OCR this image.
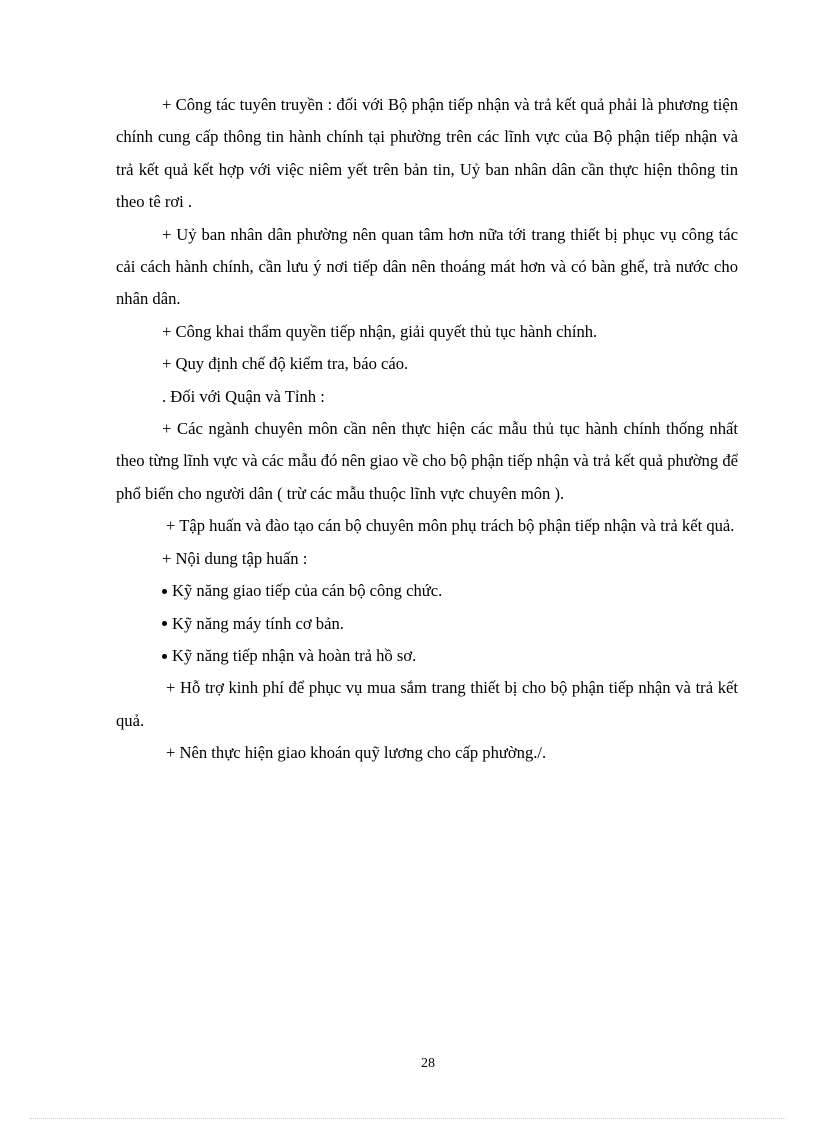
+ Công tác tuyên truyền : đối với Bộ phận tiếp nhận và trả kết quả phải là phương tiện chính cung cấp thông tin hành chính tại phường trên các lĩnh vực của Bộ phận tiếp nhận và trả kết quả kết hợp với việc niêm yết trên bản tin, Uỷ ban nhân dân cần thực hiện thông tin theo tê rơi .

+ Uỷ ban nhân dân phường nên quan tâm hơn nữa tới trang thiết bị phục vụ công tác cải cách hành chính, cần lưu ý nơi tiếp dân nên thoáng mát hơn và có bàn ghế, trà nước cho nhân dân.

+ Công khai thẩm quyền tiếp nhận, giải quyết thủ tục hành chính.

+ Quy định chế độ kiểm tra, báo cáo.

. Đối với Quận và Tỉnh :

+ Các ngành chuyên môn cần nên thực hiện các mẫu thủ tục hành chính thống nhất theo từng lĩnh vực và các mẫu đó nên giao về cho bộ phận tiếp nhận và trả kết quả phường để phổ biến cho người dân ( trừ các mẫu thuộc lĩnh vực chuyên môn ).

+ Tập huấn và đào tạo cán bộ chuyên môn phụ trách bộ phận tiếp nhận và trả kết quả.

+ Nội dung tập huấn :

Kỹ năng giao tiếp của cán bộ công chức.

Kỹ năng máy tính cơ bản.

Kỹ năng tiếp nhận và hoàn trả hồ sơ.

+ Hỗ trợ kinh phí để phục vụ mua sắm trang thiết bị cho bộ phận tiếp nhận và trả kết quả.

+ Nên thực hiện giao khoán quỹ lương cho cấp phường./.

28
